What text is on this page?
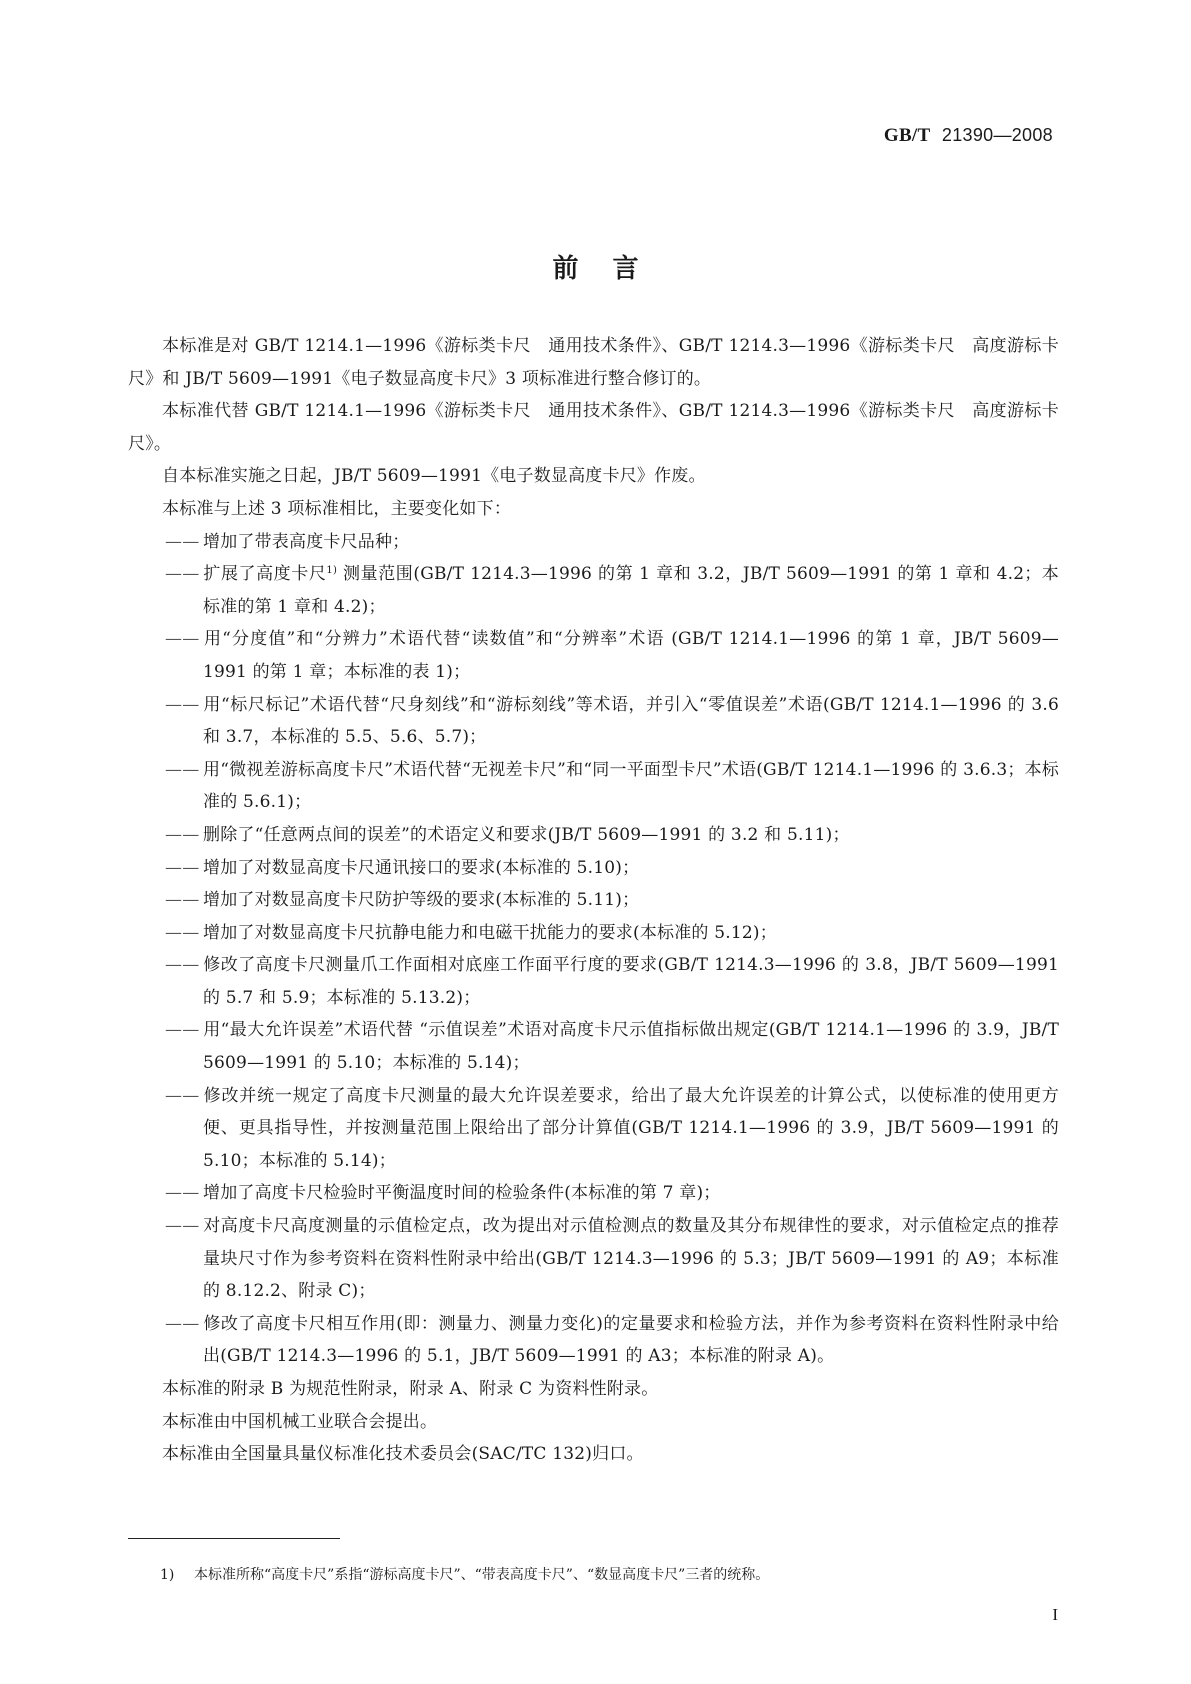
GB/T 21390—2008
前言

本标准是对 GB/T 1214.1—1996《游标类卡尺　通用技术条件》、GB/T 1214.3—1996《游标类卡尺　高度游标卡尺》和 JB/T 5609—1991《电子数显高度卡尺》3 项标准进行整合修订的。

本标准代替 GB/T 1214.1—1996《游标类卡尺　通用技术条件》、GB/T 1214.3—1996《游标类卡尺　高度游标卡尺》。

自本标准实施之日起，JB/T 5609—1991《电子数显高度卡尺》作废。

本标准与上述 3 项标准相比，主要变化如下：

—— 增加了带表高度卡尺品种；

—— 扩展了高度卡尺$^{1)}$ 测量范围(GB/T 1214.3—1996 的第 1 章和 3.2，JB/T 5609—1991 的第 1 章和 4.2；本标准的第 1 章和 4.2)；

—— 用“分度值”和“分辨力”术语代替“读数值”和“分辨率”术语 (GB/T 1214.1—1996 的第 1 章，JB/T 5609—1991 的第 1 章；本标准的表 1)；

—— 用“标尺标记”术语代替“尺身刻线”和“游标刻线”等术语，并引入“零值误差”术语(GB/T 1214.1—1996 的 3.6 和 3.7，本标准的 5.5、5.6、5.7)；

—— 用“微视差游标高度卡尺”术语代替“无视差卡尺”和“同一平面型卡尺”术语(GB/T 1214.1—1996 的 3.6.3；本标准的 5.6.1)；

—— 删除了“任意两点间的误差”的术语定义和要求(JB/T 5609—1991 的 3.2 和 5.11)；

—— 增加了对数显高度卡尺通讯接口的要求(本标准的 5.10)；

—— 增加了对数显高度卡尺防护等级的要求(本标准的 5.11)；

—— 增加了对数显高度卡尺抗静电能力和电磁干扰能力的要求(本标准的 5.12)；

—— 修改了高度卡尺测量爪工作面相对底座工作面平行度的要求(GB/T 1214.3—1996 的 3.8，JB/T 5609—1991 的 5.7 和 5.9；本标准的 5.13.2)；

—— 用“最大允许误差”术语代替 “示值误差”术语对高度卡尺示值指标做出规定(GB/T 1214.1—1996 的 3.9，JB/T 5609—1991 的 5.10；本标准的 5.14)；

—— 修改并统一规定了高度卡尺测量的最大允许误差要求，给出了最大允许误差的计算公式，以使标准的使用更方便、更具指导性，并按测量范围上限给出了部分计算值(GB/T 1214.1—1996 的 3.9，JB/T 5609—1991 的 5.10；本标准的 5.14)；

—— 增加了高度卡尺检验时平衡温度时间的检验条件(本标准的第 7 章)；

—— 对高度卡尺高度测量的示值检定点，改为提出对示值检测点的数量及其分布规律性的要求，对示值检定点的推荐量块尺寸作为参考资料在资料性附录中给出(GB/T 1214.3—1996 的 5.3；JB/T 5609—1991 的 A9；本标准的 8.12.2、附录 C)；

—— 修改了高度卡尺相互作用(即：测量力、测量力变化)的定量要求和检验方法，并作为参考资料在资料性附录中给出(GB/T 1214.3—1996 的 5.1，JB/T 5609—1991 的 A3；本标准的附录 A)。

本标准的附录 B 为规范性附录，附录 A、附录 C 为资料性附录。

本标准由中国机械工业联合会提出。

本标准由全国量具量仪标准化技术委员会(SAC/TC 132)归口。

1) 本标准所称“高度卡尺”系指“游标高度卡尺”、“带表高度卡尺”、“数显高度卡尺”三者的统称。
I
